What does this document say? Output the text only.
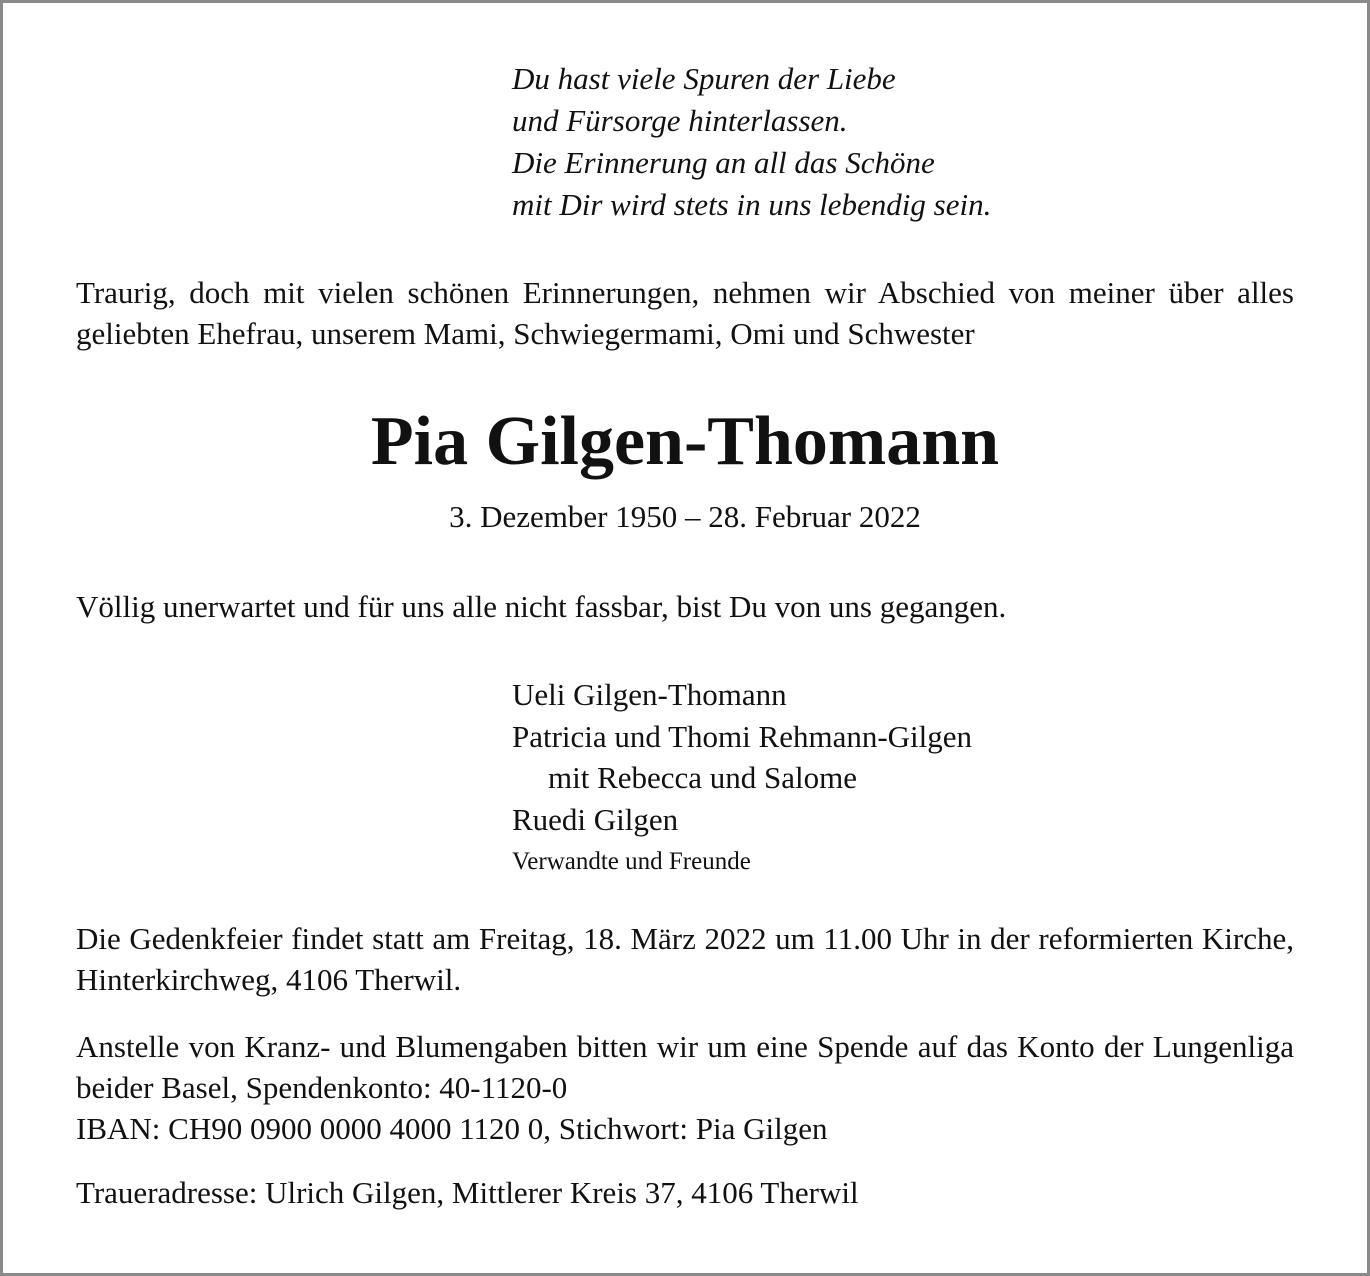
Du hast viele Spuren der Liebe
und Fürsorge hinterlassen.
Die Erinnerung an all das Schöne
mit Dir wird stets in uns lebendig sein.
Traurig, doch mit vielen schönen Erinnerungen, nehmen wir Abschied von meiner über alles geliebten Ehefrau, unserem Mami, Schwiegermami, Omi und Schwester
Pia Gilgen-Thomann
3. Dezember 1950 – 28. Februar 2022
Völlig unerwartet und für uns alle nicht fassbar, bist Du von uns gegangen.
Ueli Gilgen-Thomann
Patricia und Thomi Rehmann-Gilgen
mit Rebecca und Salome
Ruedi Gilgen
Verwandte und Freunde
Die Gedenkfeier findet statt am Freitag, 18. März 2022 um 11.00 Uhr in der reformierten Kirche, Hinterkirchweg, 4106 Therwil.
Anstelle von Kranz- und Blumengaben bitten wir um eine Spende auf das Konto der Lungenliga beider Basel, Spendenkonto: 40-1120-0
IBAN: CH90 0900 0000 4000 1120 0, Stichwort: Pia Gilgen
Traueradresse: Ulrich Gilgen, Mittlerer Kreis 37, 4106 Therwil
